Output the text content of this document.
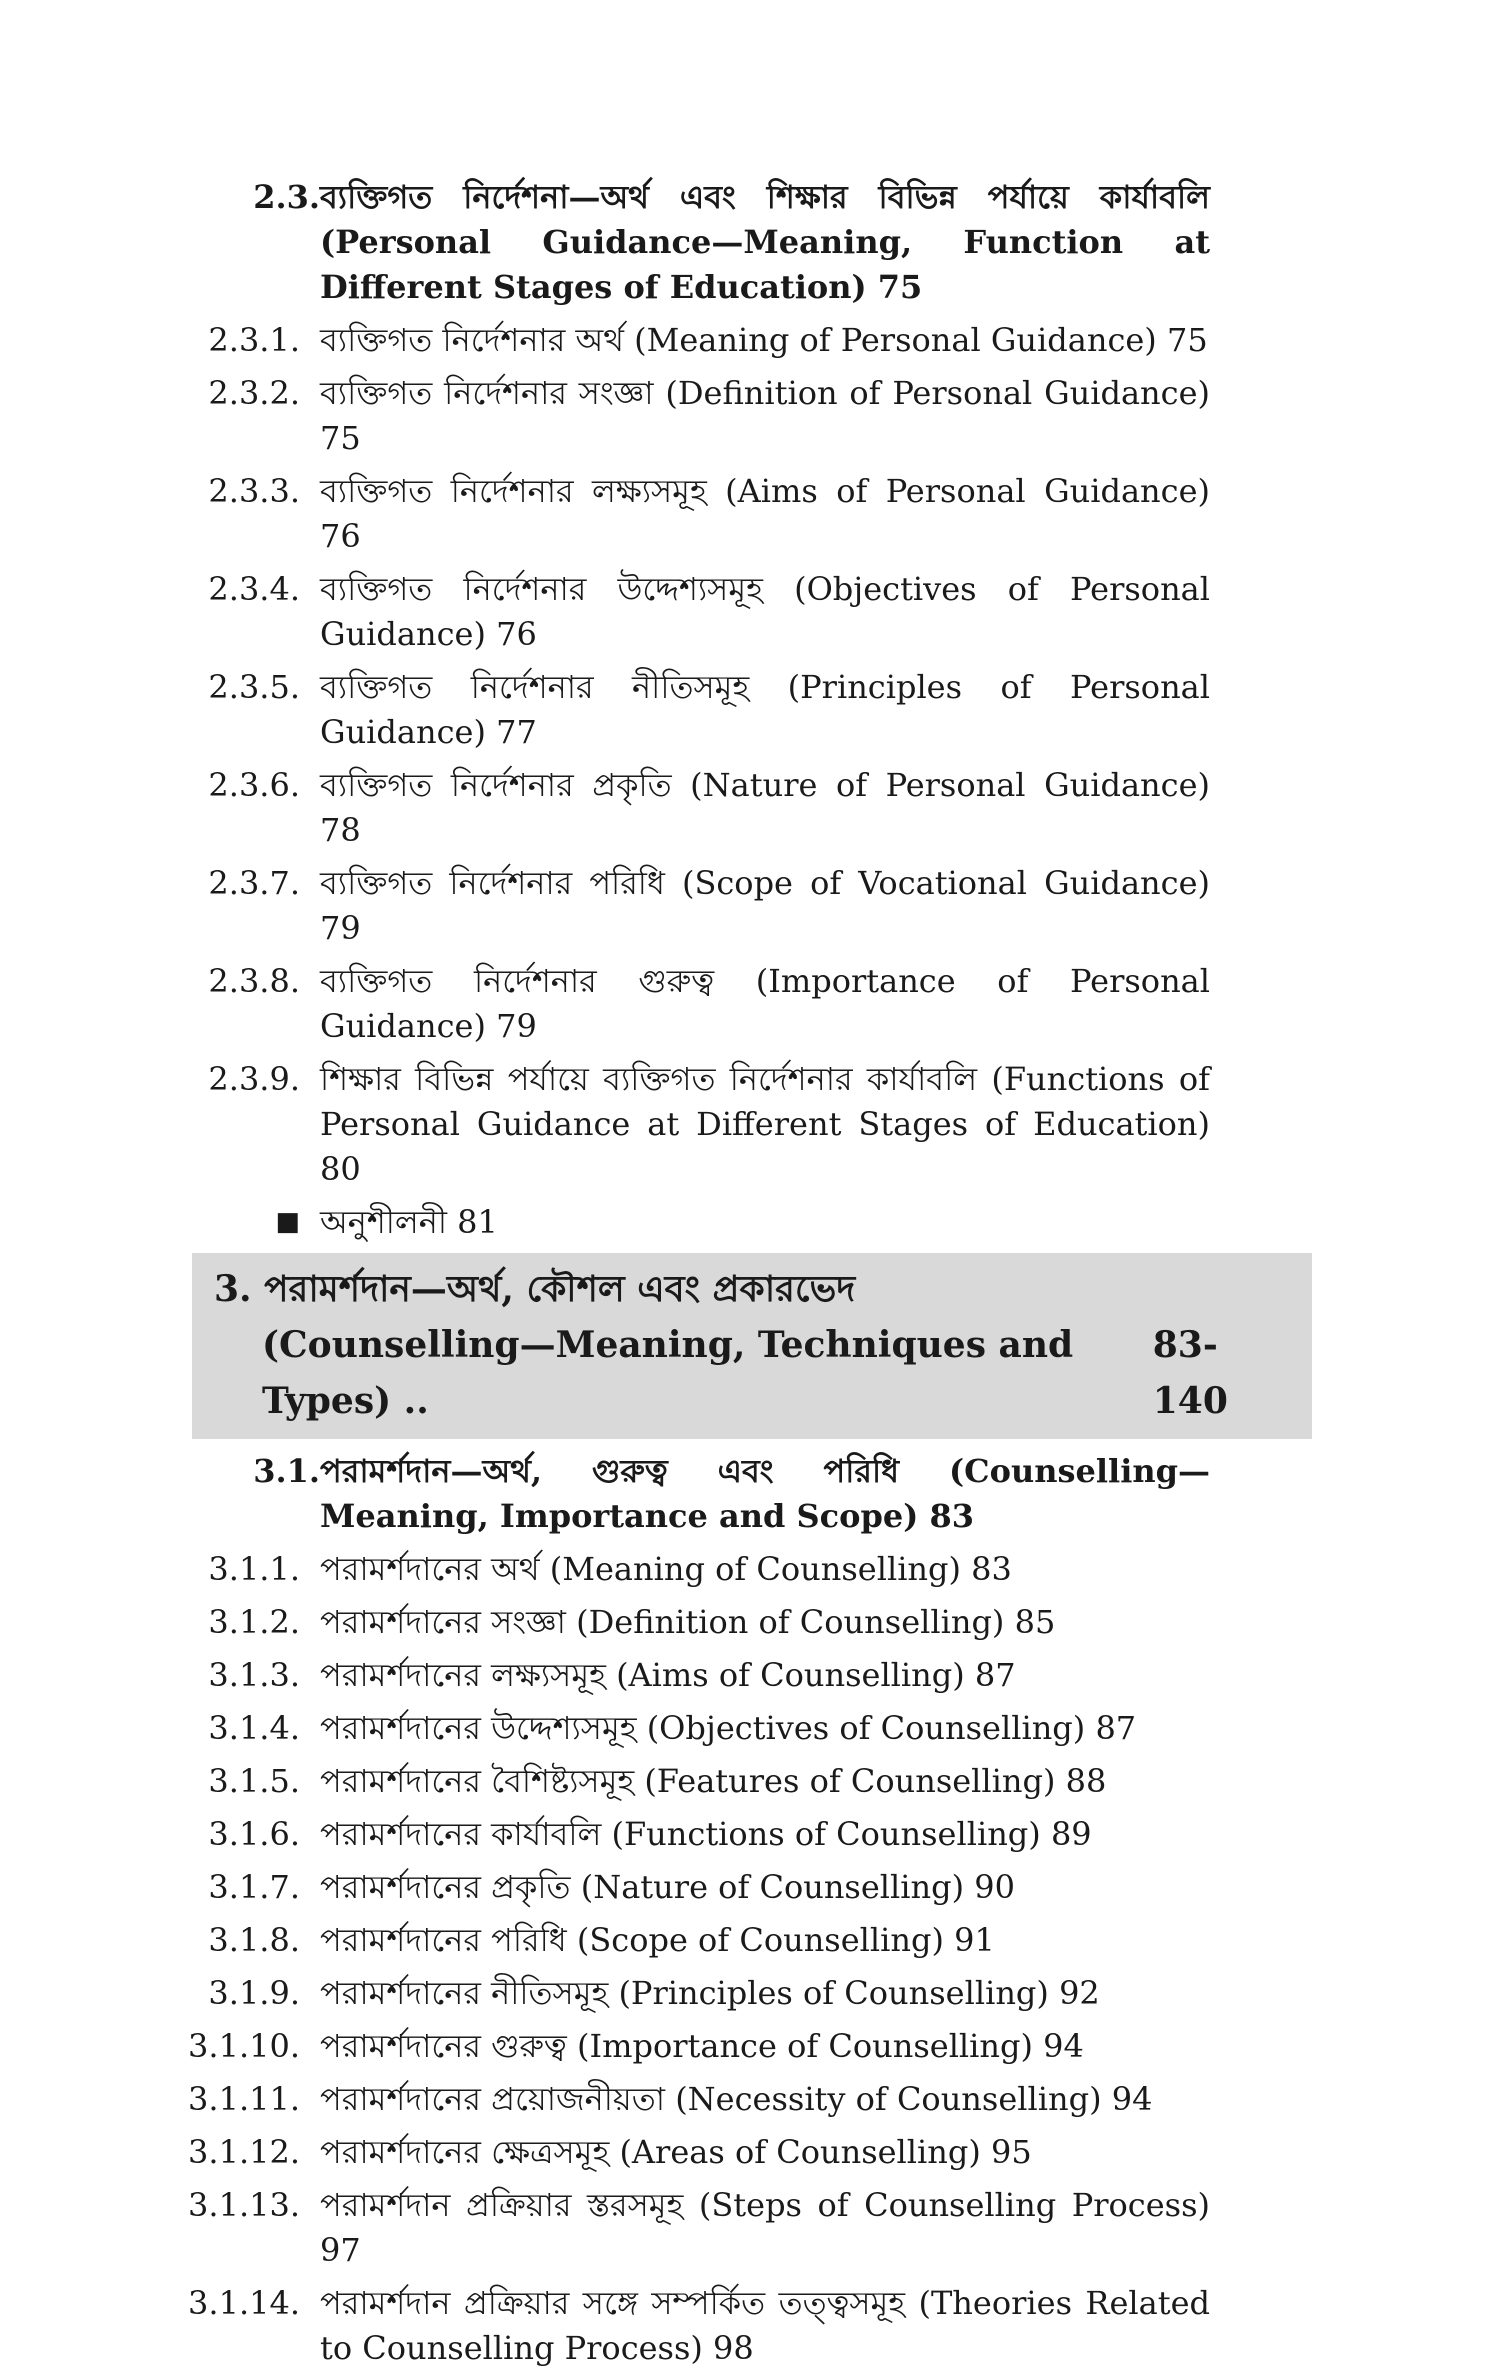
2.3. ব্যক্তিগত নির্দেশনা—অর্থ এবং শিক্ষার বিভিন্ন পর্যায়ে কার্যাবলি (Personal Guidance—Meaning, Function at Different Stages of Education) 75
2.3.1. ব্যক্তিগত নির্দেশনার অর্থ (Meaning of Personal Guidance) 75
2.3.2. ব্যক্তিগত নির্দেশনার সংজ্ঞা (Definition of Personal Guidance) 75
2.3.3. ব্যক্তিগত নির্দেশনার লক্ষ্যসমূহ (Aims of Personal Guidance) 76
2.3.4. ব্যক্তিগত নির্দেশনার উদ্দেশ্যসমূহ (Objectives of Personal Guidance) 76
2.3.5. ব্যক্তিগত নির্দেশনার নীতিসমূহ (Principles of Personal Guidance) 77
2.3.6. ব্যক্তিগত নির্দেশনার প্রকৃতি (Nature of Personal Guidance) 78
2.3.7. ব্যক্তিগত নির্দেশনার পরিধি (Scope of Vocational Guidance) 79
2.3.8. ব্যক্তিগত নির্দেশনার গুরুত্ব (Importance of Personal Guidance) 79
2.3.9. শিক্ষার বিভিন্ন পর্যায়ে ব্যক্তিগত নির্দেশনার কার্যাবলি (Functions of Personal Guidance at Different Stages of Education) 80
■ অনুশীলনী 81
3. পরামর্শদান—অর্থ, কৌশল এবং প্রকারভেদ
(Counselling—Meaning, Techniques and Types) ..
83-140
3.1. পরামর্শদান—অর্থ, গুরুত্ব এবং পরিধি (Counselling—Meaning, Importance and Scope) 83
3.1.1. পরামর্শদানের অর্থ (Meaning of Counselling) 83
3.1.2. পরামর্শদানের সংজ্ঞা (Definition of Counselling) 85
3.1.3. পরামর্শদানের লক্ষ্যসমূহ (Aims of Counselling) 87
3.1.4. পরামর্শদানের উদ্দেশ্যসমূহ (Objectives of Counselling) 87
3.1.5. পরামর্শদানের বৈশিষ্ট্যসমূহ (Features of Counselling) 88
3.1.6. পরামর্শদানের কার্যাবলি (Functions of Counselling) 89
3.1.7. পরামর্শদানের প্রকৃতি (Nature of Counselling) 90
3.1.8. পরামর্শদানের পরিধি (Scope of Counselling) 91
3.1.9. পরামর্শদানের নীতিসমূহ (Principles of Counselling) 92
3.1.10. পরামর্শদানের গুরুত্ব (Importance of Counselling) 94
3.1.11. পরামর্শদানের প্রয়োজনীয়তা (Necessity of Counselling) 94
3.1.12. পরামর্শদানের ক্ষেত্রসমূহ (Areas of Counselling) 95
3.1.13. পরামর্শদান প্রক্রিয়ার স্তরসমূহ (Steps of Counselling Process) 97
3.1.14. পরামর্শদান প্রক্রিয়ার সঙ্গে সম্পর্কিত তত্ত্বসমূহ (Theories Related to Counselling Process) 98
